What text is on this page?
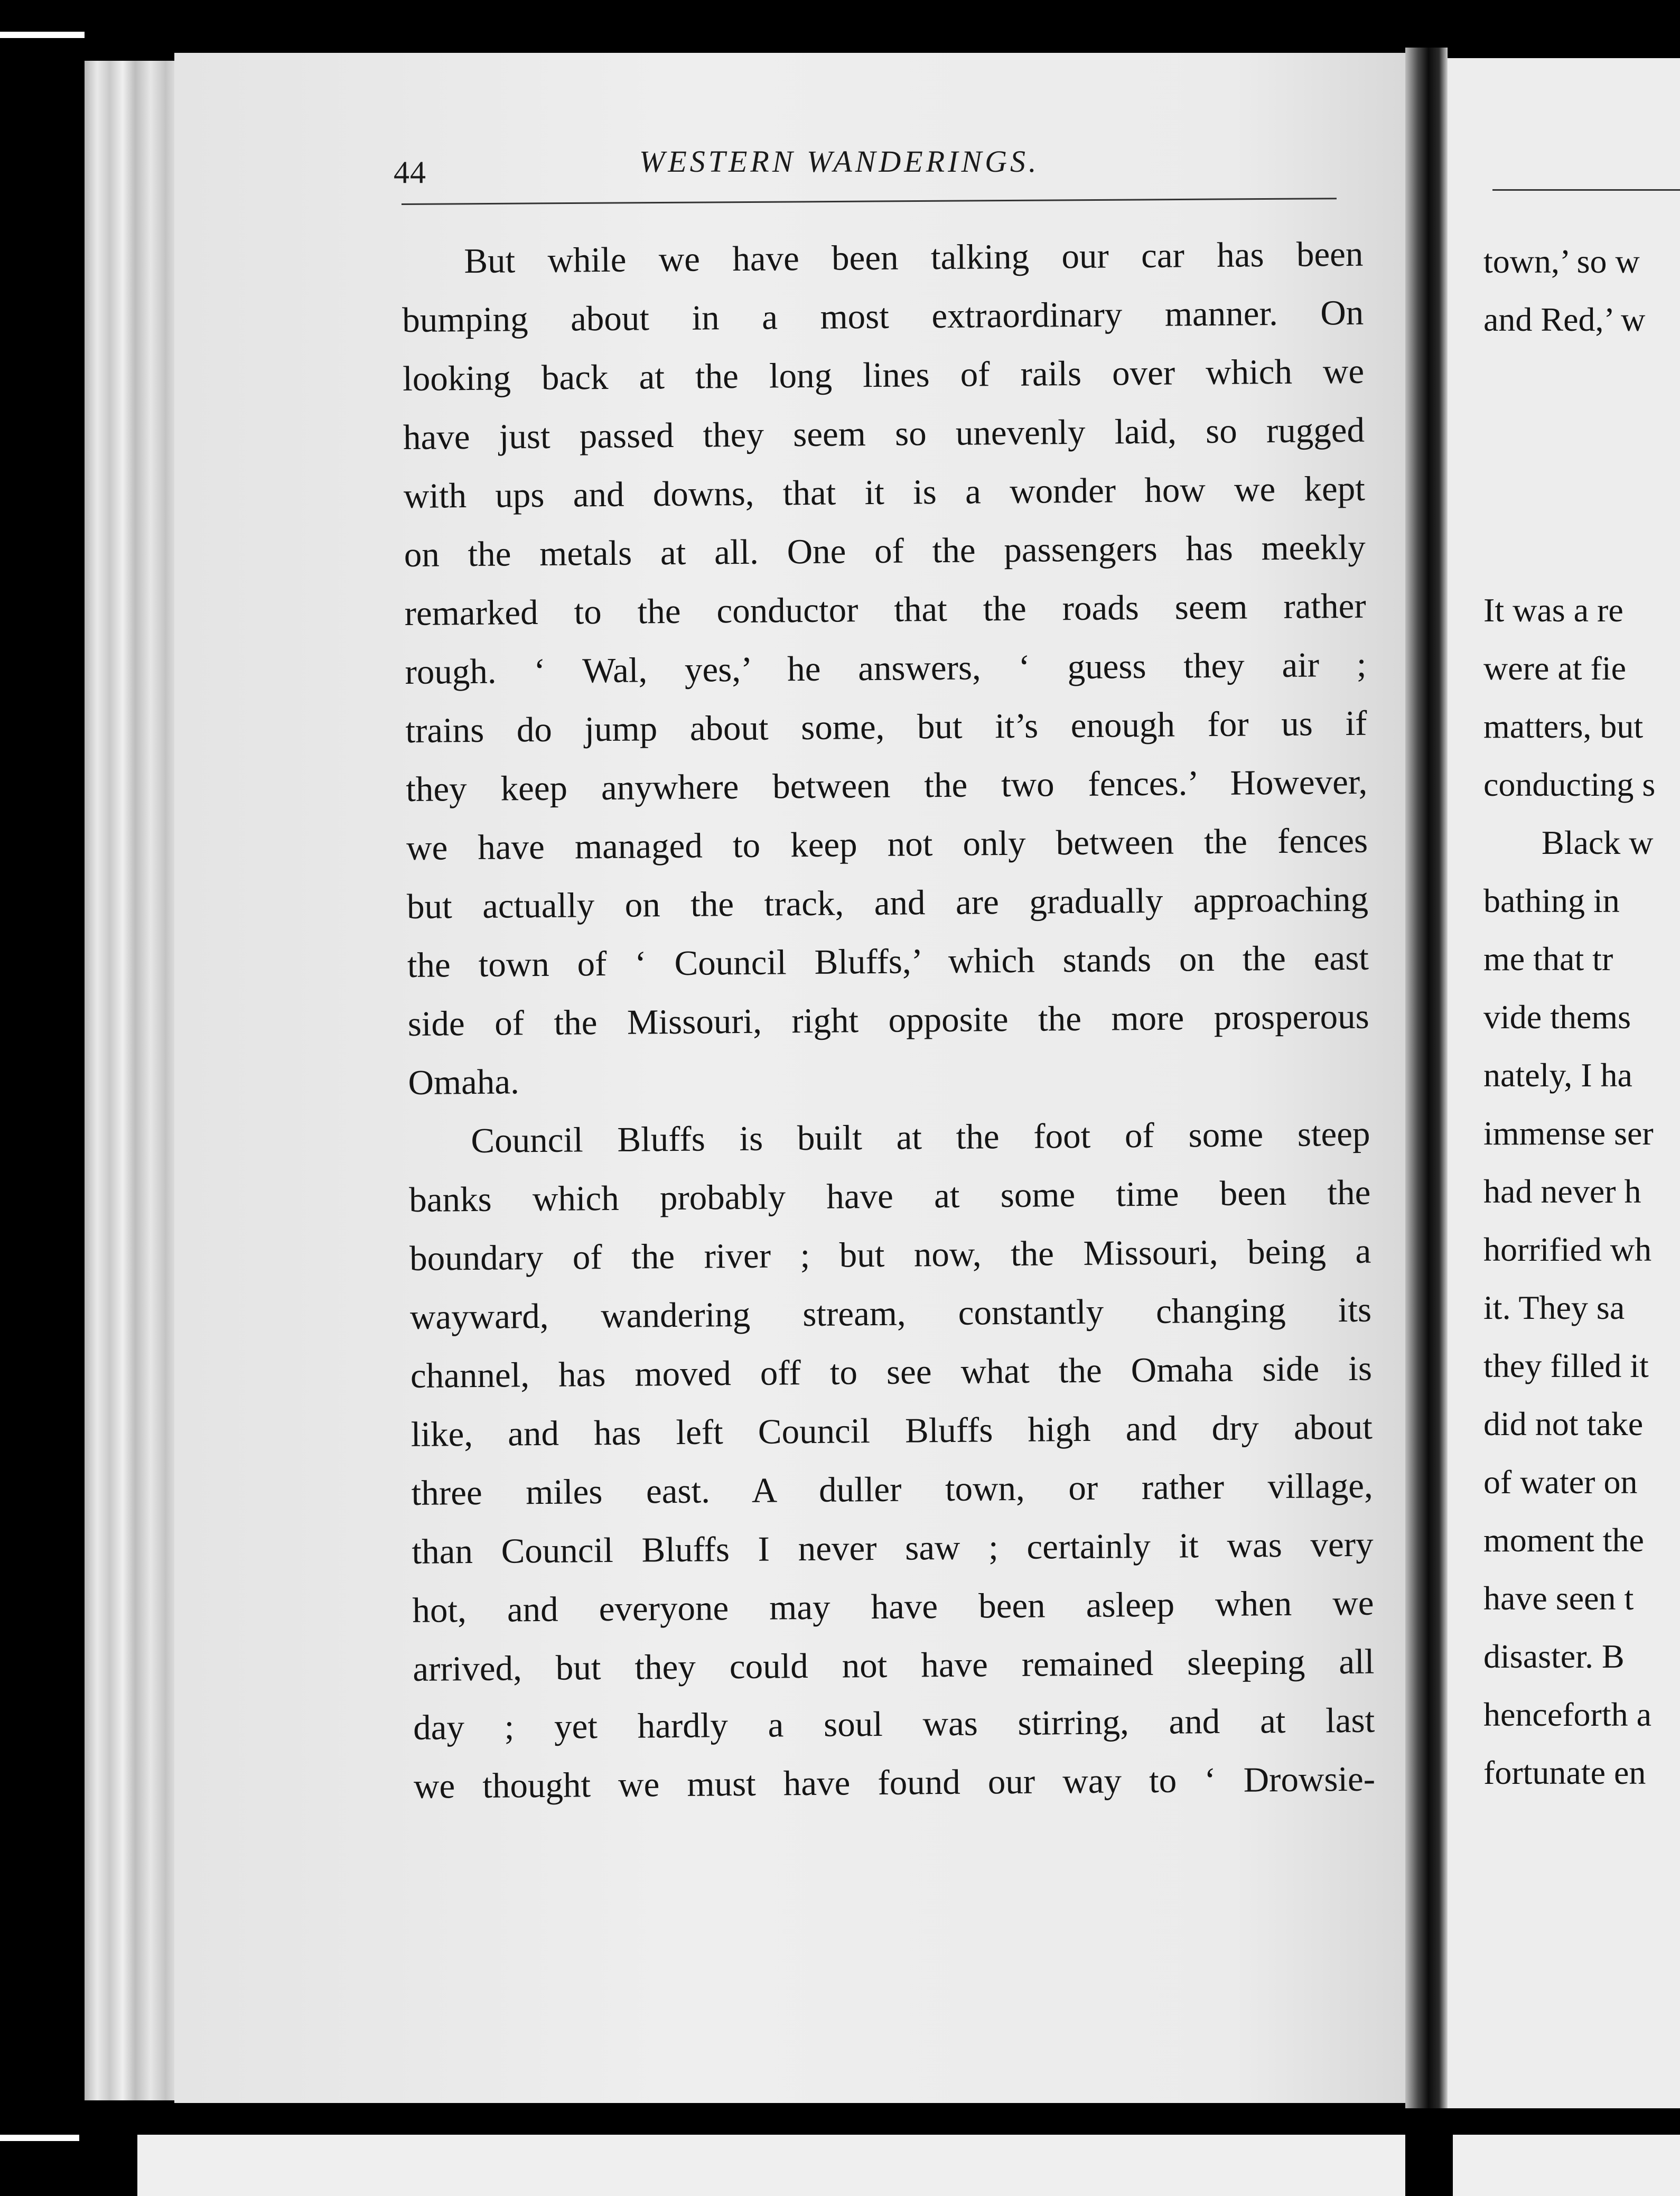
44	WESTERN WANDERINGS.
But while we have been talking our car has been
bumping about in a most extraordinary manner. On
looking back at the long lines of rails over which we
have just passed they seem so unevenly laid, so rugged
with ups and downs, that it is a wonder how we kept
on the metals at all. One of the passengers has meekly
remarked to the conductor that the roads seem rather
rough. ‘ Wal, yes,’ he answers, ‘ guess they air ;
trains do jump about some, but it’s enough for us if
they keep anywhere between the two fences.’ However,
we have managed to keep not only between the fences
but actually on the track, and are gradually approaching
the town of ‘ Council Bluffs,’ which stands on the east
side of the Missouri, right opposite the more prosperous
Omaha.
Council Bluffs is built at the foot of some steep
banks which probably have at some time been the
boundary of the river ; but now, the Missouri, being a
wayward, wandering stream, constantly changing its
channel, has moved off to see what the Omaha side is
like, and has left Council Bluffs high and dry about
three miles east. A duller town, or rather village,
than Council Bluffs I never saw ; certainly it was very
hot, and everyone may have been asleep when we
arrived, but they could not have remained sleeping all
day ; yet hardly a soul was stirring, and at last
we thought we must have found our way to ‘ Drowsie-
town,’ so w
and Red,’ w
It was a re
were at fie
matters, but
conducting s
Black w
bathing in
me that tr
vide thems
nately, I ha
immense ser
had never h
horrified wh
it. They sa
they filled it
did not take
of water on
moment the
have seen t
disaster. B
henceforth a
fortunate en
